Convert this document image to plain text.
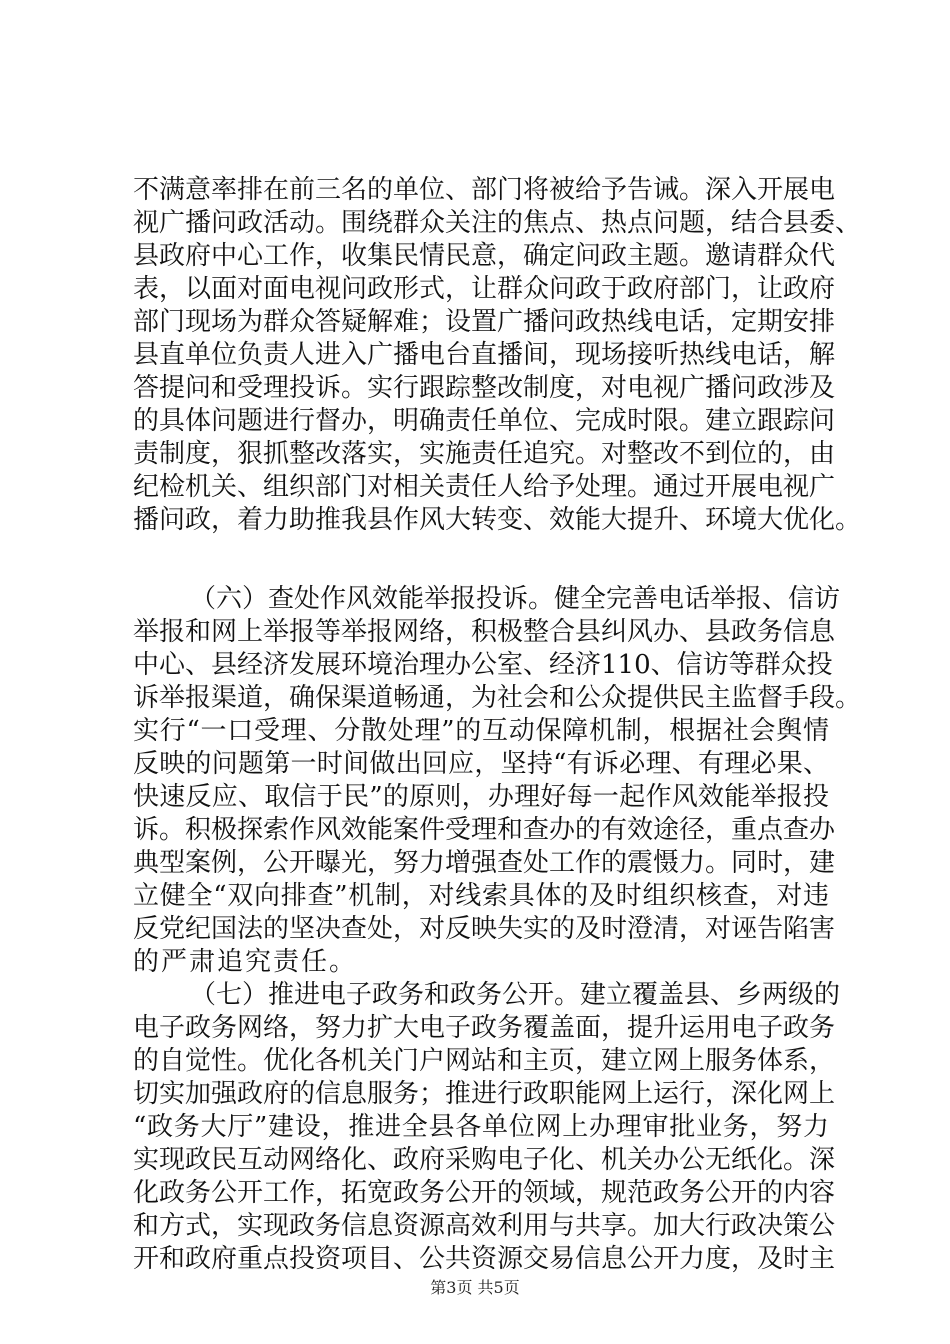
不满意率排在前三名的单位、部门将被给予告诫。深入开展电
视广播问政活动。围绕群众关注的焦点、热点问题，结合县委、
县政府中心工作，收集民情民意，确定问政主题。邀请群众代
表，以面对面电视问政形式，让群众问政于政府部门，让政府
部门现场为群众答疑解难；设置广播问政热线电话，定期安排
县直单位负责人进入广播电台直播间，现场接听热线电话，解
答提问和受理投诉。实行跟踪整改制度，对电视广播问政涉及
的具体问题进行督办，明确责任单位、完成时限。建立跟踪问
责制度，狠抓整改落实，实施责任追究。对整改不到位的，由
纪检机关、组织部门对相关责任人给予处理。通过开展电视广
播问政，着力助推我县作风大转变、效能大提升、环境大优化。
（六）查处作风效能举报投诉。健全完善电话举报、信访
举报和网上举报等举报网络，积极整合县纠风办、县政务信息
中心、县经济发展环境治理办公室、经济110、信访等群众投
诉举报渠道，确保渠道畅通，为社会和公众提供民主监督手段。
实行“一口受理、分散处理”的互动保障机制，根据社会舆情
反映的问题第一时间做出回应，坚持“有诉必理、有理必果、
快速反应、取信于民”的原则，办理好每一起作风效能举报投
诉。积极探索作风效能案件受理和查办的有效途径，重点查办
典型案例，公开曝光，努力增强查处工作的震慑力。同时，建
立健全“双向排查”机制，对线索具体的及时组织核查，对违
反党纪国法的坚决查处，对反映失实的及时澄清，对诬告陷害
的严肃追究责任。
（七）推进电子政务和政务公开。建立覆盖县、乡两级的
电子政务网络，努力扩大电子政务覆盖面，提升运用电子政务
的自觉性。优化各机关门户网站和主页，建立网上服务体系，
切实加强政府的信息服务；推进行政职能网上运行，深化网上
“政务大厅”建设，推进全县各单位网上办理审批业务，努力
实现政民互动网络化、政府采购电子化、机关办公无纸化。深
化政务公开工作，拓宽政务公开的领域，规范政务公开的内容
和方式，实现政务信息资源高效利用与共享。加大行政决策公
开和政府重点投资项目、公共资源交易信息公开力度，及时主
第3页 共5页
